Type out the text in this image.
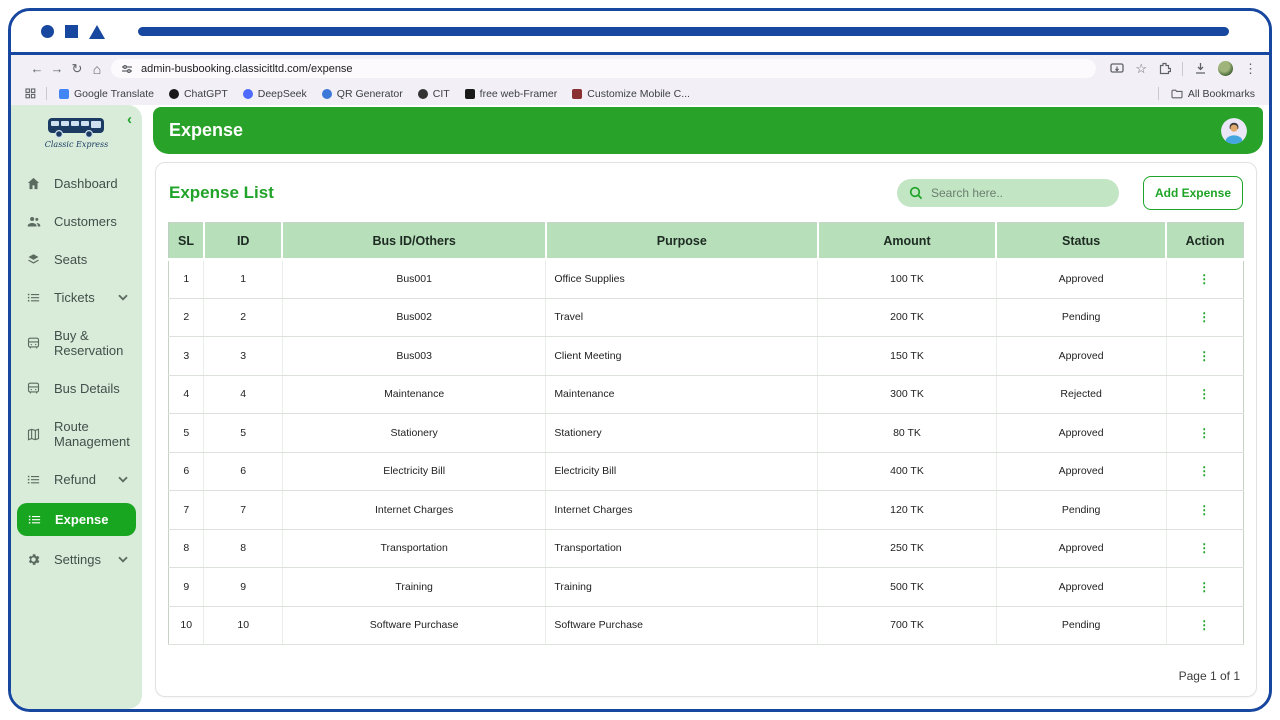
← → ↻ ⌂	admin-busbooking.classicitltd.com/expense	☆	⋮
Google Translate	ChatGPT	DeepSeek	QR Generator	CIT	free web-Framer	Customize Mobile C...	All Bookmarks
‹
Classic Express
Dashboard
Customers
Seats
Tickets
Buy & Reservation
Bus Details
Route Management
Refund
Expense
Settings
Expense
Expense List
Search here..	Add Expense
SL	ID	Bus ID/Others	Purpose	Amount	Status	Action
1	1	Bus001	Office Supplies	100 TK	Approved	⋮
2	2	Bus002	Travel	200 TK	Pending	⋮
3	3	Bus003	Client Meeting	150 TK	Approved	⋮
4	4	Maintenance	Maintenance	300 TK	Rejected	⋮
5	5	Stationery	Stationery	80 TK	Approved	⋮
6	6	Electricity Bill	Electricity Bill	400 TK	Approved	⋮
7	7	Internet Charges	Internet Charges	120 TK	Pending	⋮
8	8	Transportation	Transportation	250 TK	Approved	⋮
9	9	Training	Training	500 TK	Approved	⋮
10	10	Software Purchase	Software Purchase	700 TK	Pending	⋮
Page 1 of 1
